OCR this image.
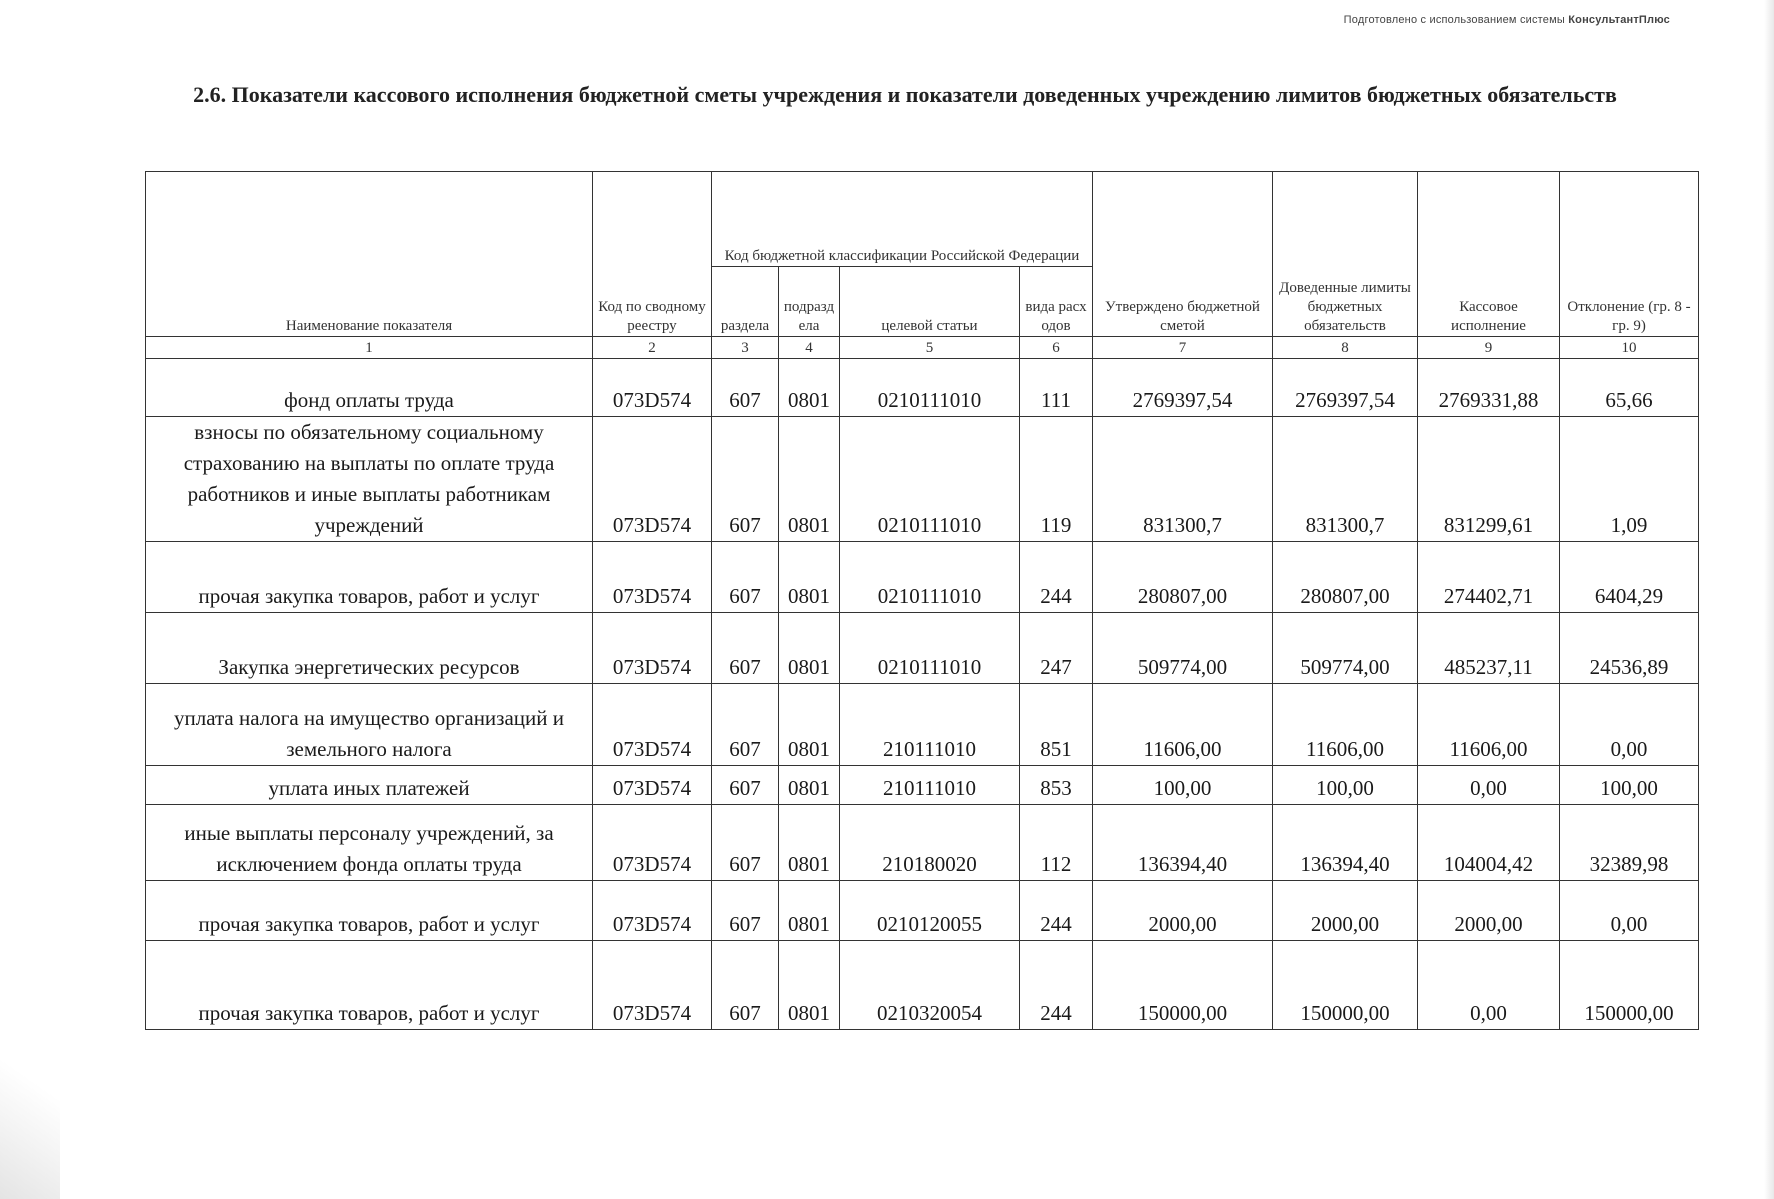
Подготовлено с использованием системы КонсультантПлюс
2.6. Показатели кассового исполнения бюджетной сметы учреждения и показатели доведенных учреждению лимитов бюджетных обязательств
Наименование показателя	Код по сводному реестру	Код бюджетной классификации Российской Федерации				Утверждено бюджетной сметой	Доведенные лимиты бюджетных обязательств	Кассовое исполнение	Отклонение (гр. 8 - гр. 9)
		раздела	подраздела	целевой статьи	вида расходов				
1	2	3	4	5	6	7	8	9	10
фонд оплаты труда	073D574	607	0801	0210111010	111	2769397,54	2769397,54	2769331,88	65,66
взносы по обязательному социальному страхованию на выплаты по оплате труда работников и иные выплаты работникам учреждений	073D574	607	0801	0210111010	119	831300,7	831300,7	831299,61	1,09
прочая закупка товаров, работ и услуг	073D574	607	0801	0210111010	244	280807,00	280807,00	274402,71	6404,29
Закупка энергетических ресурсов	073D574	607	0801	0210111010	247	509774,00	509774,00	485237,11	24536,89
уплата налога на имущество организаций и земельного налога	073D574	607	0801	210111010	851	11606,00	11606,00	11606,00	0,00
уплата иных платежей	073D574	607	0801	210111010	853	100,00	100,00	0,00	100,00
иные выплаты персоналу учреждений, за исключением фонда оплаты труда	073D574	607	0801	210180020	112	136394,40	136394,40	104004,42	32389,98
прочая закупка товаров, работ и услуг	073D574	607	0801	0210120055	244	2000,00	2000,00	2000,00	0,00
прочая закупка товаров, работ и услуг	073D574	607	0801	0210320054	244	150000,00	150000,00	0,00	150000,00
